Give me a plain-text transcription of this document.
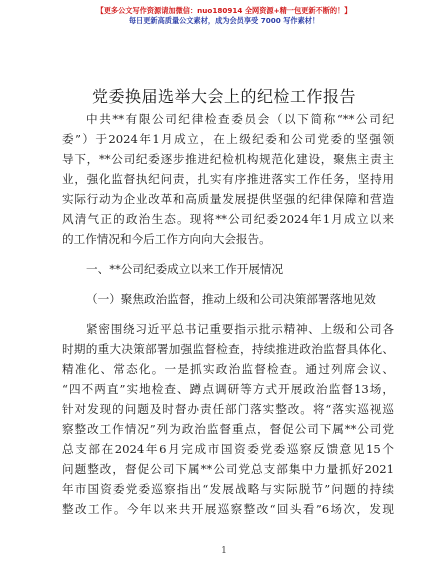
【更多公文写作资源请加微信：nuo180914 全网资源+精一包更新不断的！】
每日更新高质量公文素材，成为会员享受 7000 写作素材！
党委换届选举大会上的纪检工作报告
中共**有限公司纪律检查委员会（以下简称“**公司纪
委”）于2024年1月成立，在上级纪委和公司党委的坚强领
导下，**公司纪委逐步推进纪检机构规范化建设，聚焦主责主
业，强化监督执纪问责，扎实有序推进落实工作任务，坚持用
实际行动为企业改革和高质量发展提供坚强的纪律保障和营造
风清气正的政治生态。现将**公司纪委2024年1月成立以来
的工作情况和今后工作方向向大会报告。
一、**公司纪委成立以来工作开展情况
（一）聚焦政治监督，推动上级和公司决策部署落地见效
紧密围绕习近平总书记重要指示批示精神、上级和公司各
时期的重大决策部署加强监督检查，持续推进政治监督具体化、
精准化、常态化。一是抓实政治监督检查。通过列席会议、
“四不两直”实地检查、蹲点调研等方式开展政治监督13场，
针对发现的问题及时督办责任部门落实整改。将“落实巡视巡
察整改工作情况”列为政治监督重点，督促公司下属**公司党
总支部在2024年6月完成市国资委党委巡察反馈意见15个
问题整改，督促公司下属**公司党总支部集中力量抓好2021
年市国资委党委巡察指出“发展战略与实际脱节”问题的持续
整改工作。今年以来共开展巡察整改“回头看”6场次，发现
1
